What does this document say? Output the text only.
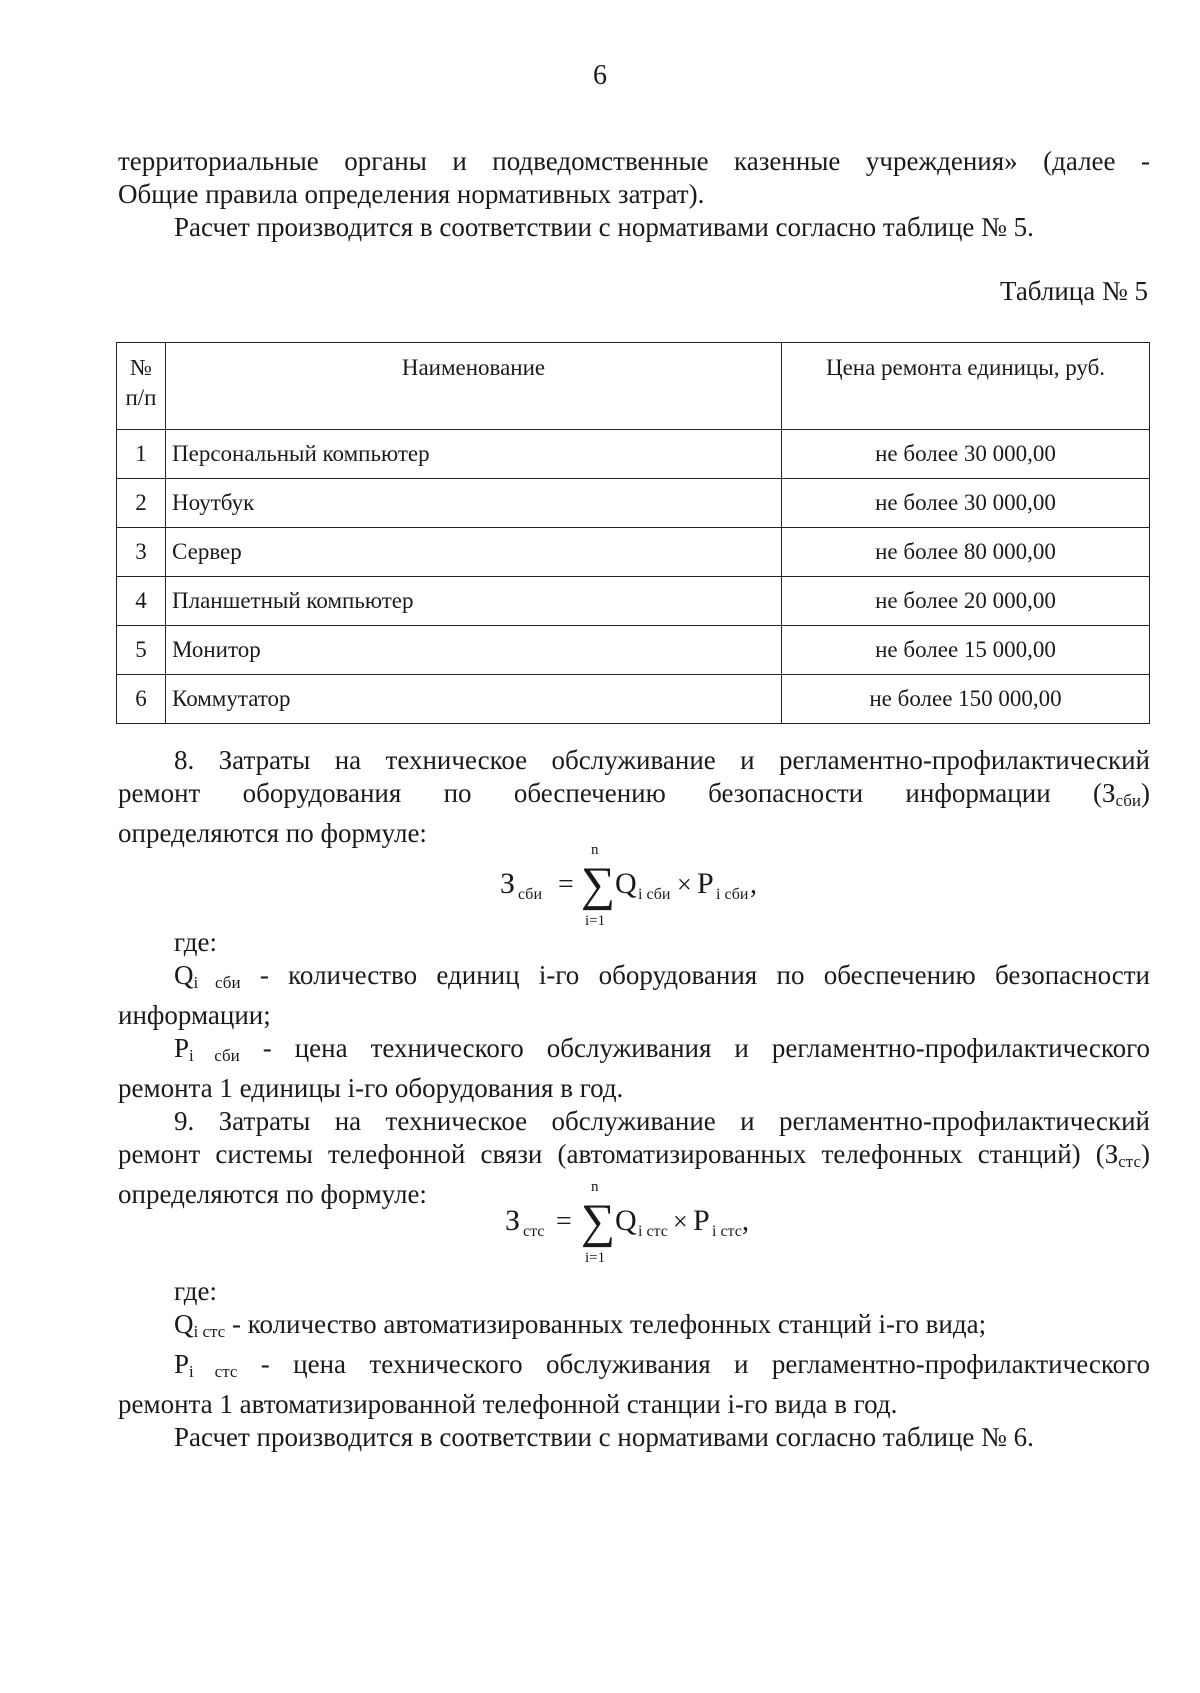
6

территориальные органы и подведомственные казенные учреждения» (далее -

Общие правила определения нормативных затрат).

Расчет производится в соответствии с нормативами согласно таблице № 5.

Таблица № 5
№
п/п	Наименование	Цена ремонта единицы, руб.
1	Персональный компьютер	не более 30 000,00
2	Ноутбук	не более 30 000,00
3	Сервер	не более 80 000,00
4	Планшетный компьютер	не более 20 000,00
5	Монитор	не более 15 000,00
6	Коммутатор	не более 150 000,00

8. Затраты на техническое обслуживание и регламентно-профилактический

ремонт оборудования по обеспечению безопасности информации $(З_{сби})$

определяются по формуле:

З сби =
n
∑
i=1
Q i сби × P i сби ,

где:

$Q_{i сби}$ - количество единиц i-го оборудования по обеспечению безопасности

информации;

$P_{i сби}$ - цена технического обслуживания и регламентно-профилактического

ремонта 1 единицы i-го оборудования в год.

9. Затраты на техническое обслуживание и регламентно-профилактический

ремонт системы телефонной связи (автоматизированных телефонных станций) $(З_{стс})$

определяются по формуле:

З стс =
n
∑
i=1
Q i стс × P i стс ,

где:

$Q_{i стс}$ - количество автоматизированных телефонных станций i-го вида;

$P_{i стс}$ - цена технического обслуживания и регламентно-профилактического

ремонта 1 автоматизированной телефонной станции i-го вида в год.

Расчет производится в соответствии с нормативами согласно таблице № 6.
